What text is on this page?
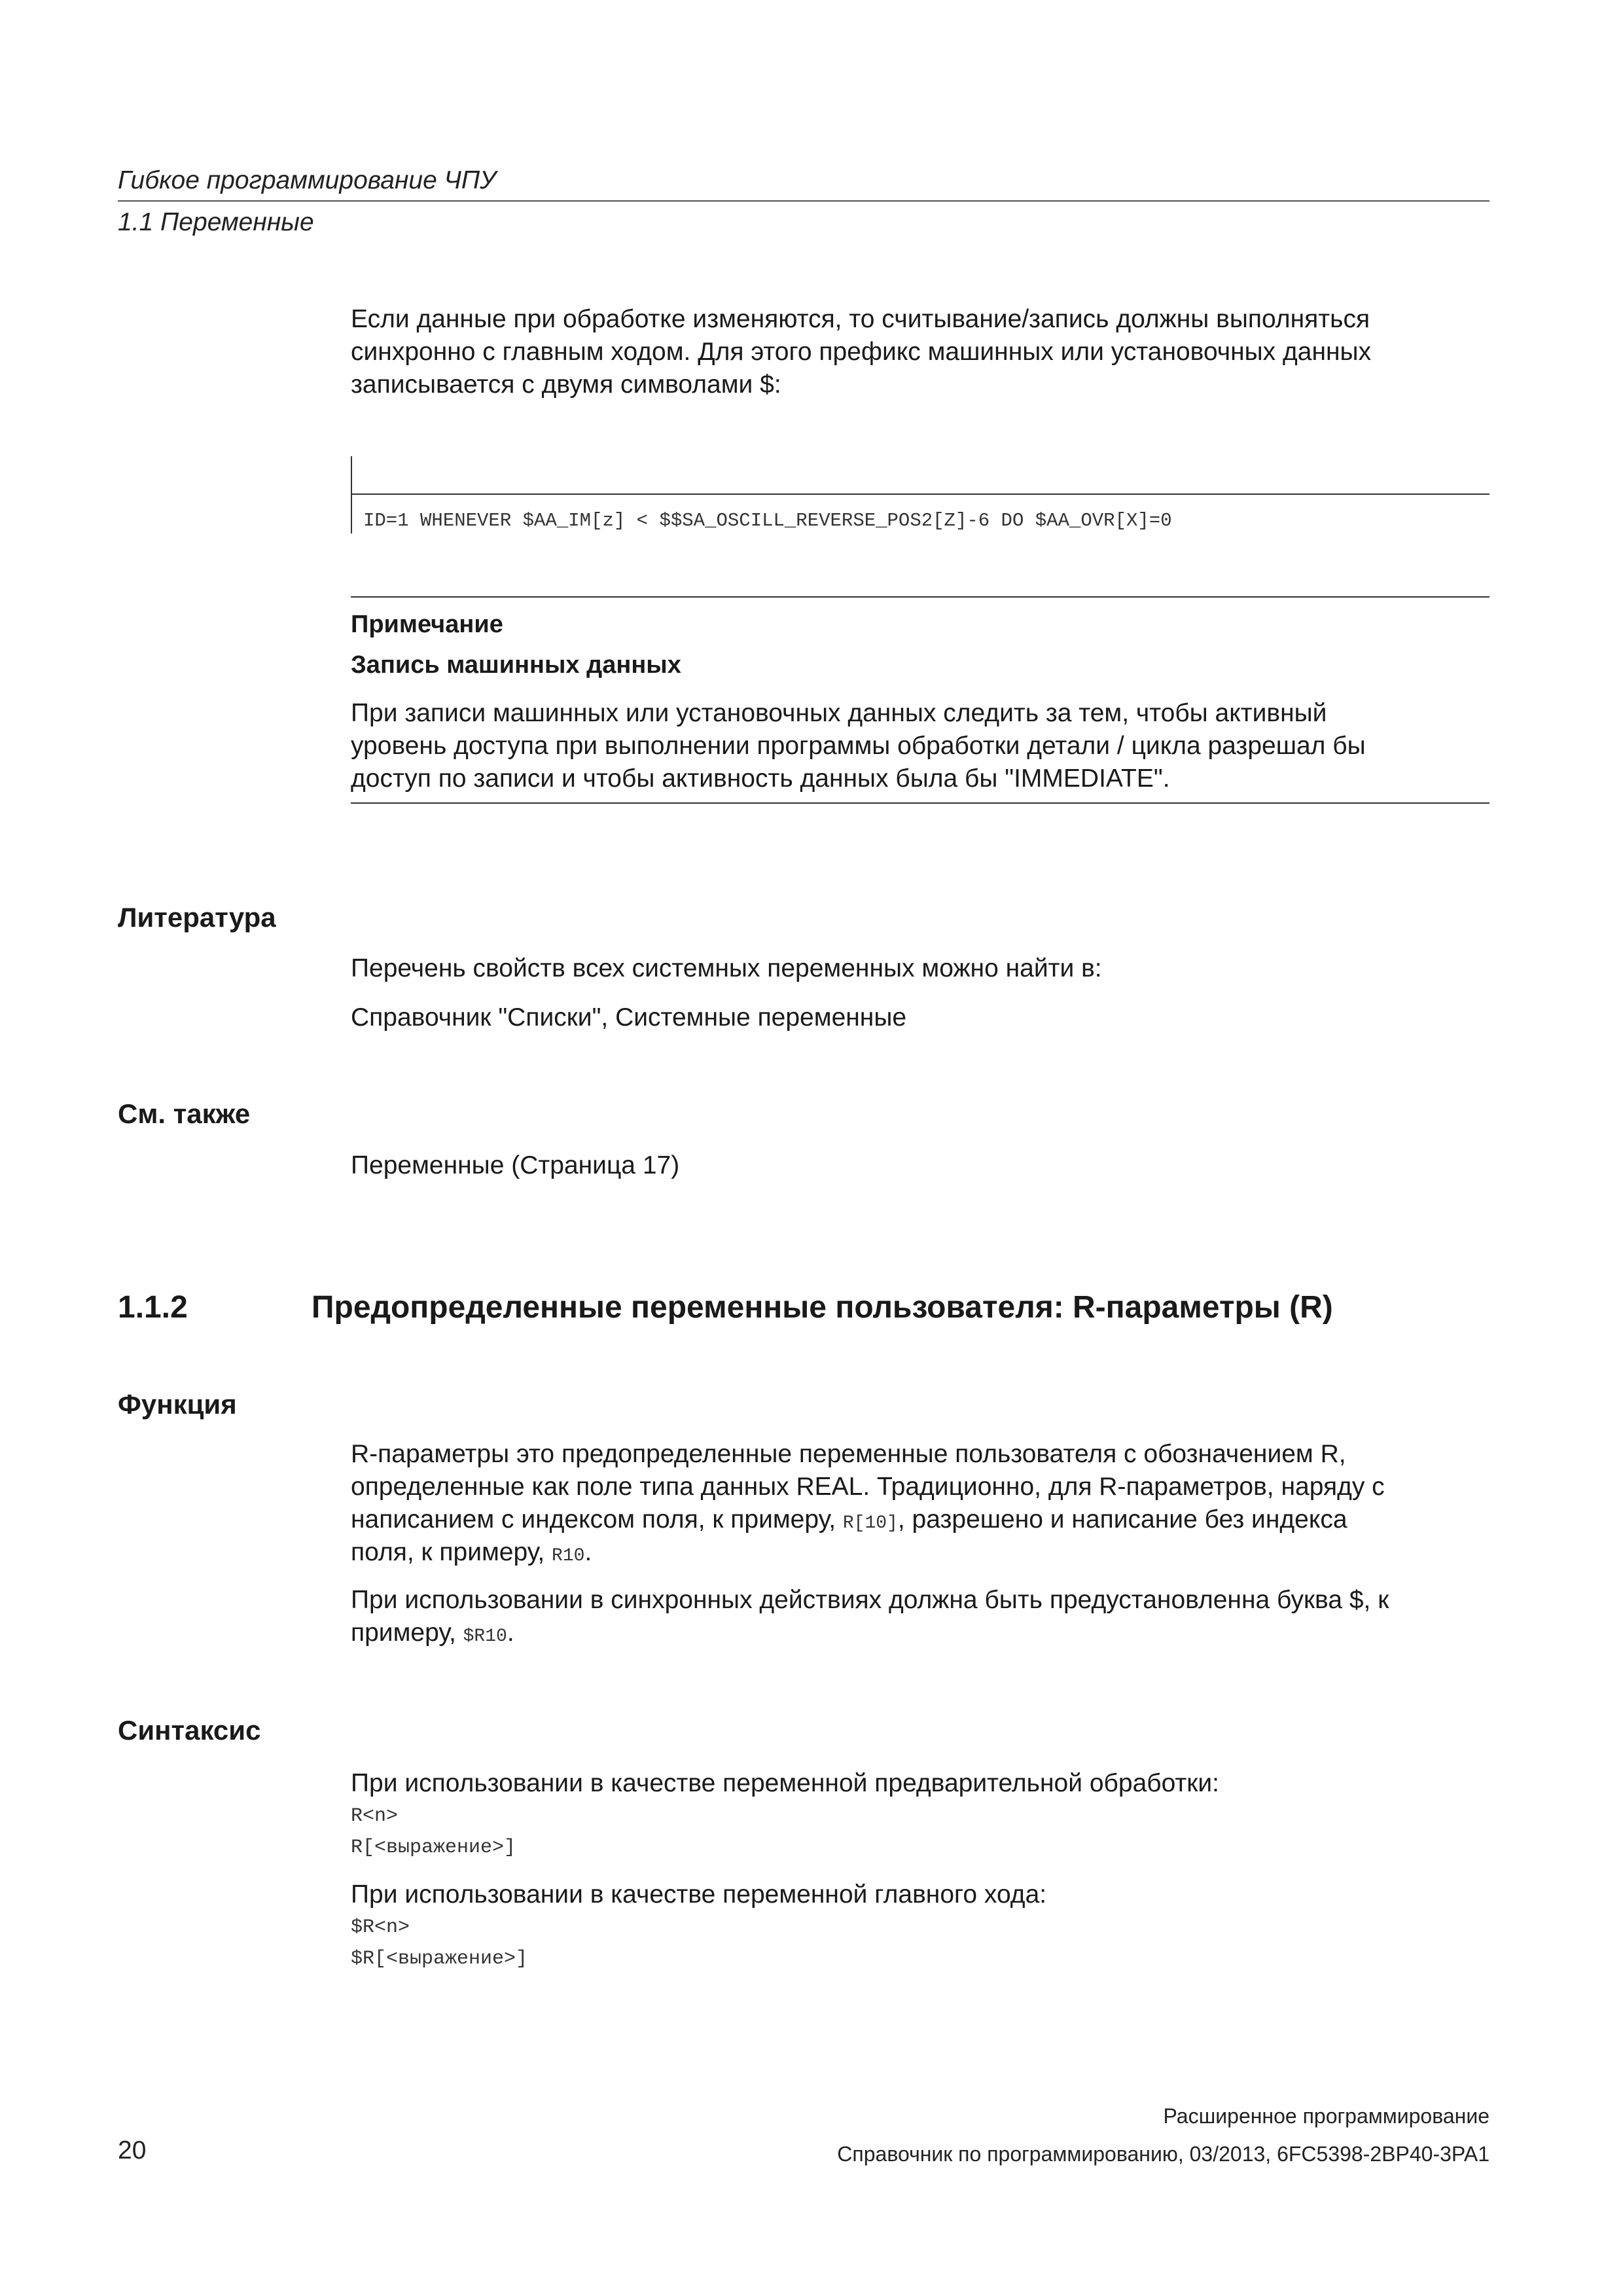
Гибкое программирование ЧПУ
1.1 Переменные
Если данные при обработке изменяются, то считывание/запись должны выполняться
синхронно с главным ходом. Для этого префикс машинных или установочных данных
записывается с двумя символами $:
ID=1 WHENEVER $AA_IM[z] < $$SA_OSCILL_REVERSE_POS2[Z]-6 DO $AA_OVR[X]=0
Примечание
Запись машинных данных
При записи машинных или установочных данных следить за тем, чтобы активный
уровень доступа при выполнении программы обработки детали / цикла разрешал бы
доступ по записи и чтобы активность данных была бы "IMMEDIATE".
Литература
Перечень свойств всех системных переменных можно найти в:
Справочник "Списки", Системные переменные
См. также
Переменные (Страница 17)
1.1.2	Предопределенные переменные пользователя: R-параметры (R)
Функция
R-параметры это предопределенные переменные пользователя с обозначением R,
определенные как поле типа данных REAL. Традиционно, для R-параметров, наряду с
написанием с индексом поля, к примеру, R[10], разрешено и написание без индекса
поля, к примеру, R10.
При использовании в синхронных действиях должна быть предустановленна буква $, к
примеру, $R10.
Синтаксис
При использовании в качестве переменной предварительной обработки:
R<n>
R[<выражение>]
При использовании в качестве переменной главного хода:
$R<n>
$R[<выражение>]
Расширенное программирование
20	Справочник по программированию, 03/2013, 6FC5398-2BP40-3PA1
